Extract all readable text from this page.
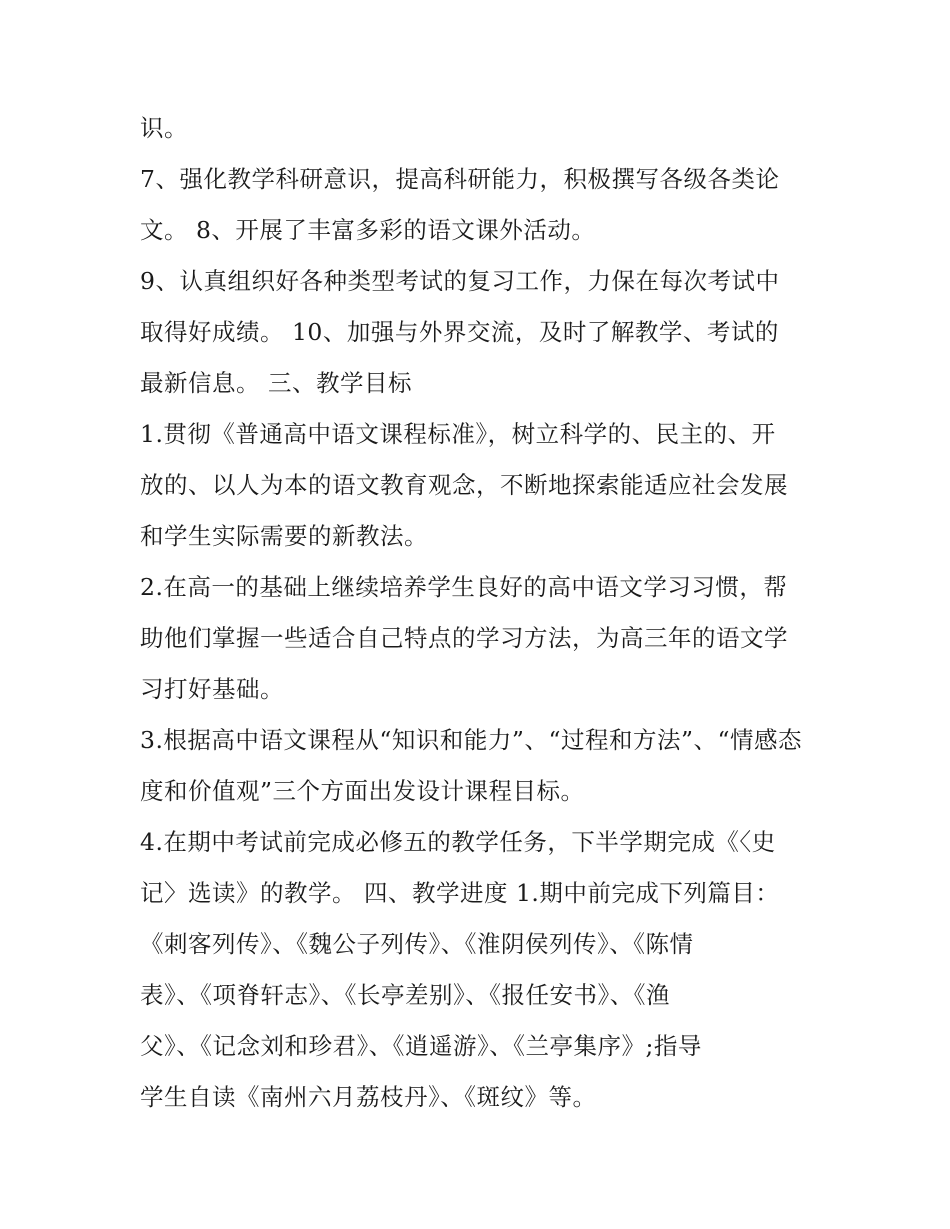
识。
7、强化教学科研意识，提高科研能力，积极撰写各级各类论
文。 8、开展了丰富多彩的语文课外活动。
9、认真组织好各种类型考试的复习工作，力保在每次考试中
取得好成绩。 10、加强与外界交流，及时了解教学、考试的
最新信息。 三、教学目标
1.贯彻《普通高中语文课程标准》，树立科学的、民主的、开
放的、以人为本的语文教育观念，不断地探索能适应社会发展
和学生实际需要的新教法。
2.在高一的基础上继续培养学生良好的高中语文学习习惯，帮
助他们掌握一些适合自己特点的学习方法，为高三年的语文学
习打好基础。
3.根据高中语文课程从“知识和能力”、“过程和方法”、“情感态
度和价值观”三个方面出发设计课程目标。
4.在期中考试前完成必修五的教学任务，下半学期完成《〈史
记〉选读》的教学。 四、教学进度 1.期中前完成下列篇目：
《刺客列传》、《魏公子列传》、《淮阴侯列传》、《陈情
表》、《项脊轩志》、《长亭差别》、《报任安书》、《渔
父》、《记念刘和珍君》、《逍遥游》、《兰亭集序》;指导
学生自读《南州六月荔枝丹》、《斑纹》等。
